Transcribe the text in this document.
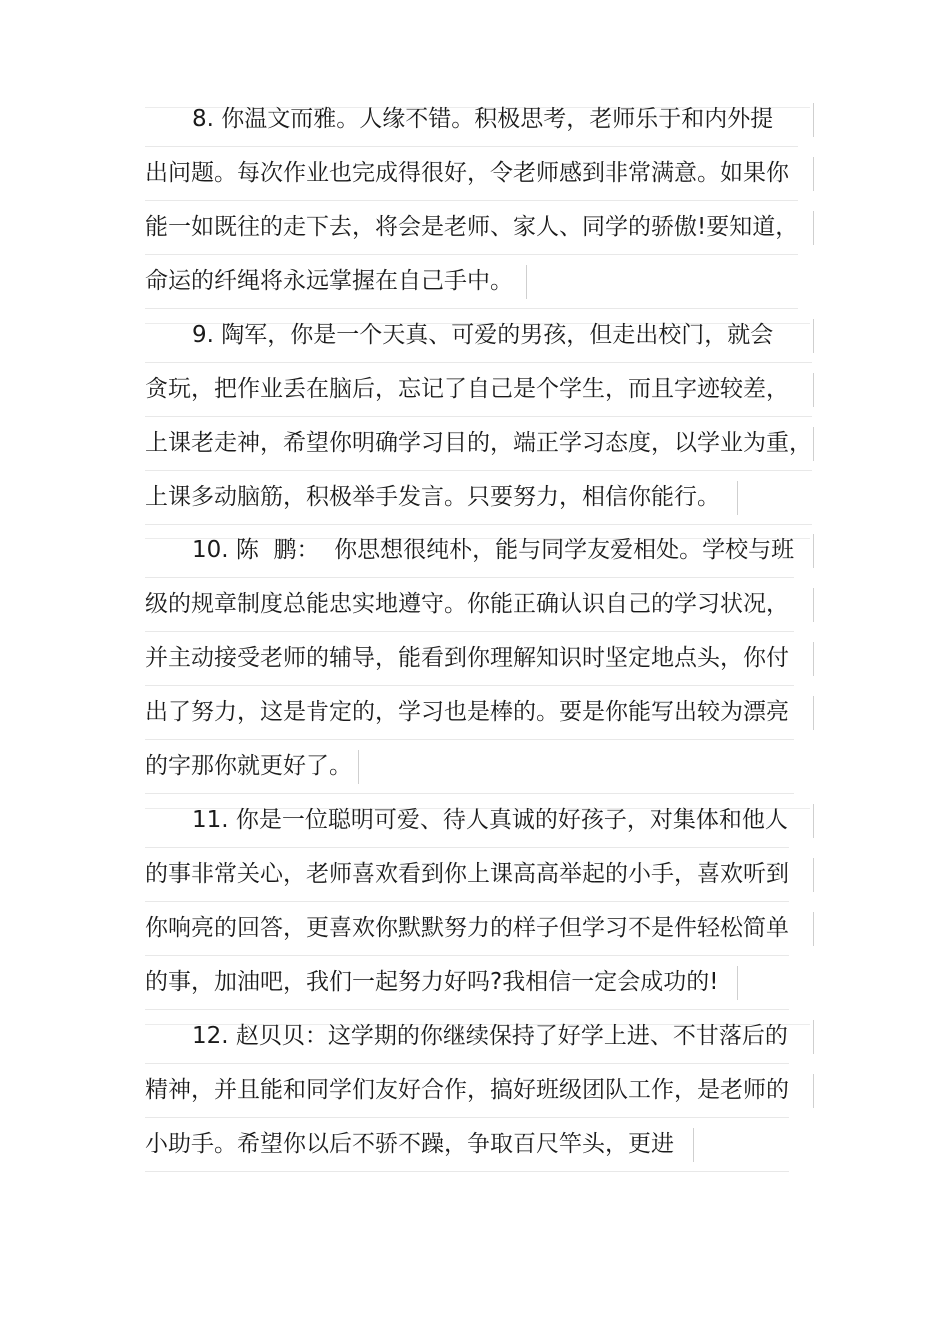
8. 你温文而雅。人缘不错。积极思考，老师乐于和内外提
出问题。每次作业也完成得很好，令老师感到非常满意。如果你
能一如既往的走下去，将会是老师、家人、同学的骄傲!要知道，
命运的纤绳将永远掌握在自己手中。
9. 陶军，你是一个天真、可爱的男孩，但走出校门，就会
贪玩，把作业丢在脑后，忘记了自己是个学生，而且字迹较差，
上课老走神，希望你明确学习目的，端正学习态度，以学业为重，
上课多动脑筋，积极举手发言。只要努力，相信你能行。
10. 陈  鹏：  你思想很纯朴，能与同学友爱相处。学校与班
级的规章制度总能忠实地遵守。你能正确认识自己的学习状况，
并主动接受老师的辅导，能看到你理解知识时坚定地点头，你付
出了努力，这是肯定的，学习也是棒的。要是你能写出较为漂亮
的字那你就更好了。
11. 你是一位聪明可爱、待人真诚的好孩子，对集体和他人
的事非常关心，老师喜欢看到你上课高高举起的小手，喜欢听到
你响亮的回答，更喜欢你默默努力的样子但学习不是件轻松简单
的事，加油吧，我们一起努力好吗?我相信一定会成功的!
12. 赵贝贝：这学期的你继续保持了好学上进、不甘落后的
精神，并且能和同学们友好合作，搞好班级团队工作，是老师的
小助手。希望你以后不骄不躁，争取百尺竿头，更进
